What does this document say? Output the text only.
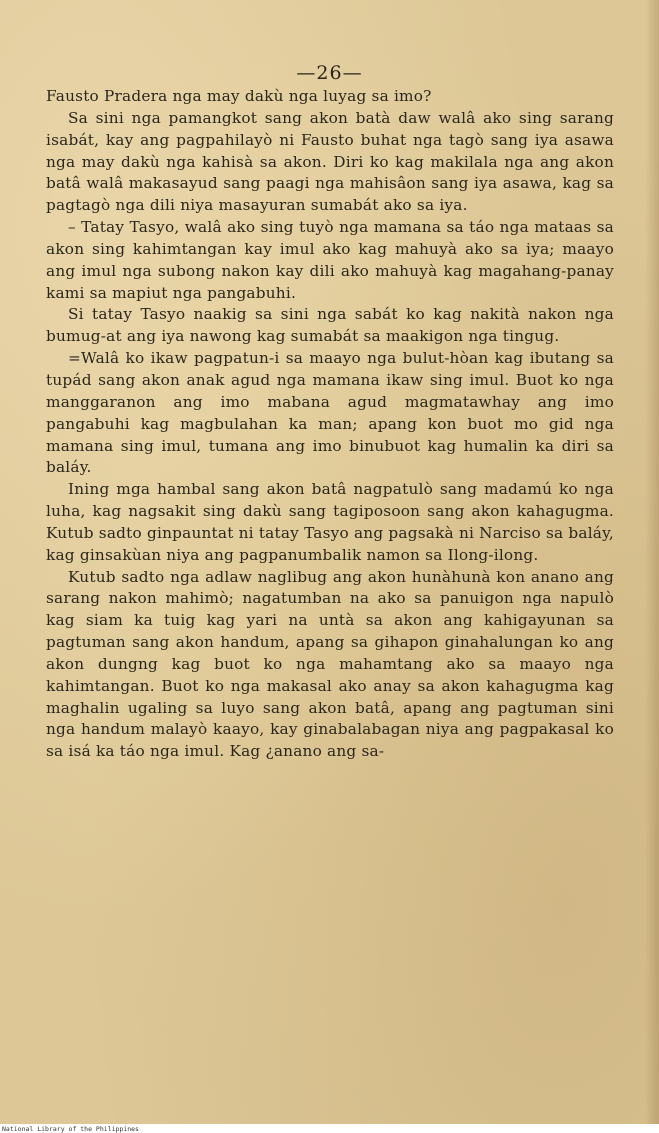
—26—

Fausto Pradera nga may dakù nga luyag sa imo?

Sa sini nga pamangkot sang akon batà daw walâ ako sing sarang isabát, kay ang pagpahilayò ni Fausto buhat nga tagò sang iya asawa nga may dakù nga kahisà sa akon. Diri ko kag makilala nga ang akon batâ walâ makasayud sang paagi nga mahisâon sang iya asawa, kag sa pagtagò nga dili niya masayuran sumabát ako sa iya.

– Tatay Tasyo, walâ ako sing tuyò nga mamana sa táo nga mataas sa akon sing kahimtangan kay imul ako kag mahuyà ako sa iya; maayo ang imul nga subong nakon kay dili ako mahuyà kag magahang-panay kami sa mapiut nga pangabuhi.

Si tatay Tasyo naakig sa sini nga sabát ko kag nakità nakon nga bumug-at ang iya nawong kag sumabát sa maakigon nga tingug.

=Walâ ko ikaw pagpatun-i sa maayo nga bulut-hòan kag ibutang sa tupád sang akon anak agud nga mamana ikaw sing imul. Buot ko nga manggaranon ang imo mabana agud magmatawhay ang imo pangabuhi kag magbulahan ka man; apang kon buot mo gid nga mamana sing imul, tumana ang imo binubuot kag humalin ka diri sa baláy.

Ining mga hambal sang akon batâ nagpatulò sang madamú ko nga luha, kag nagsakit sing dakù sang tagiposoon sang akon kahagugma. Kutub sadto ginpauntat ni tatay Tasyo ang pagsakà ni Narciso sa baláy, kag ginsakùan niya ang pagpanumbalik namon sa Ilong-ilong.

Kutub sadto nga adlaw naglibug ang akon hunàhunà kon anano ang sarang nakon mahimò; nagatumban na ako sa panuigon nga napulò kag siam ka tuig kag yari na untà sa akon ang kahigayunan sa pagtuman sang akon handum, apang sa gihapon ginahalungan ko ang akon dungng kag buot ko nga mahamtang ako sa maayo nga kahimtangan. Buot ko nga makasal ako anay sa akon kahagugma kag maghalin ugaling sa luyo sang akon batâ, apang ang pagtuman sini nga handum malayò kaayo, kay ginabalabagan niya ang pagpakasal ko sa isá ka táo nga imul. Kag ¿anano ang sa-

National Library of the Philippines
